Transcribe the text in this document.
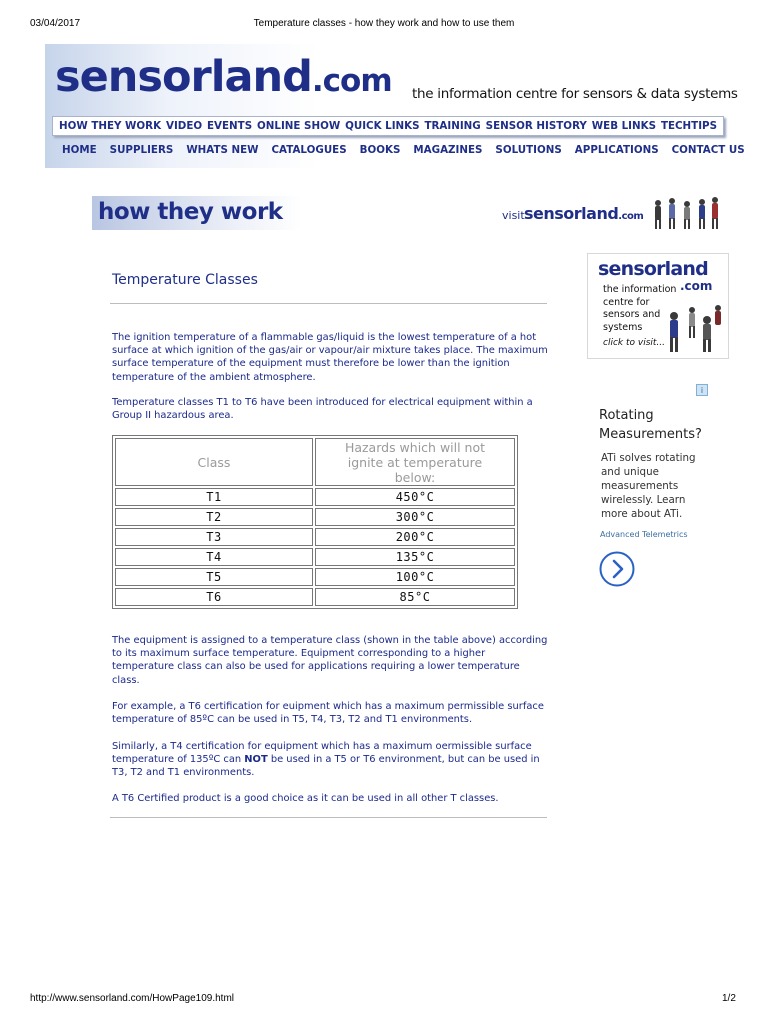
03/04/2017	Temperature classes - how they work and how to use them
http://www.sensorland.com/HowPage109.html	1/2
sensorland.com the information centre for sensors & data systems
HOW THEY WORK VIDEO EVENTS ONLINE SHOW QUICK LINKS TRAINING SENSOR HISTORY WEB LINKS TECHTIPS
HOME SUPPLIERS WHATS NEW CATALOGUES BOOKS MAGAZINES SOLUTIONS APPLICATIONS CONTACT US
how they work	visit sensorland.com
Temperature Classes

The ignition temperature of a flammable gas/liquid is the lowest temperature of a hot surface at which ignition of the gas/air or vapour/air mixture takes place. The maximum surface temperature of the equipment must therefore be lower than the ignition temperature of the ambient atmosphere.

Temperature classes T1 to T6 have been introduced for electrical equipment within a Group II hazardous area.

Class	Hazards which will not ignite at temperature below:
T1	450°C
T2	300°C
T3	200°C
T4	135°C
T5	100°C
T6	85°C

The equipment is assigned to a temperature class (shown in the table above) according to its maximum surface temperature. Equipment corresponding to a higher temperature class can also be used for applications requiring a lower temperature class.

For example, a T6 certification for euipment which has a maximum permissible surface temperature of 85ºC can be used in T5, T4, T3, T2 and T1 environments.

Similarly, a T4 certification for equipment which has a maximum oermissible surface temperature of 135ºC can NOT be used in a T5 or T6 environment, but can be used in T3, T2 and T1 environments.

A T6 Certified product is a good choice as it can be used in all other T classes.

sensorland
.com
the information
centre for
sensors and
systems
click to visit...
i
Rotating Measurements?
ATi solves rotating and unique measurements wirelessly. Learn more about ATi.
Advanced Telemetrics
